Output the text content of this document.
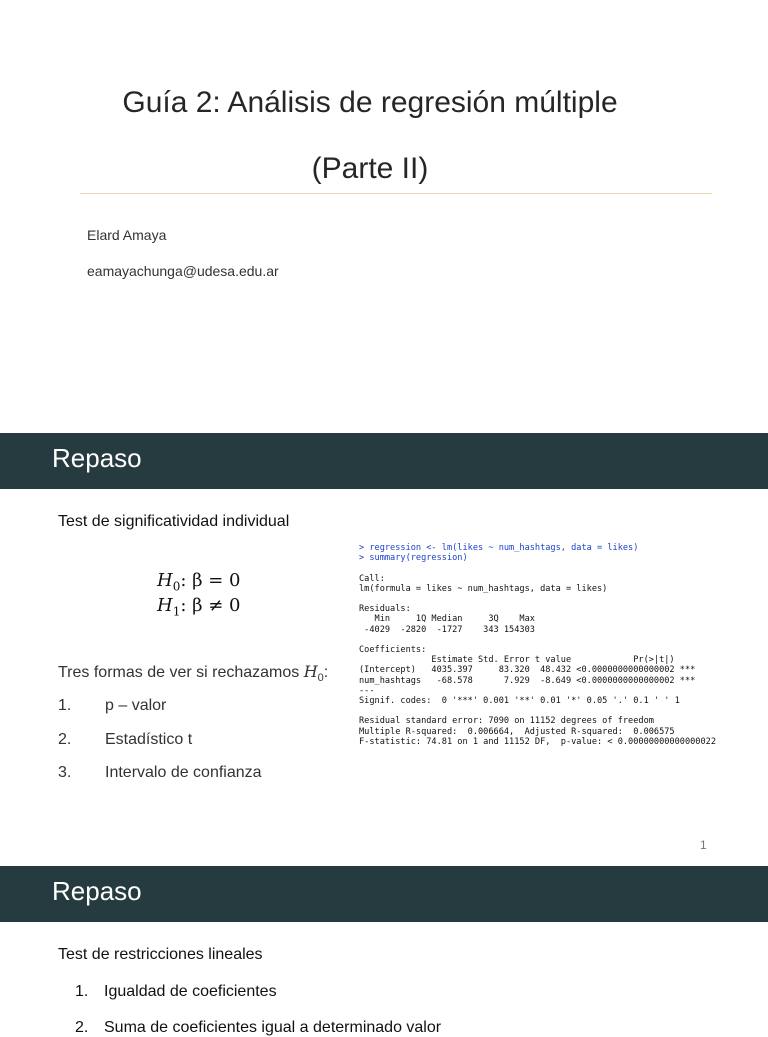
Guía 2: Análisis de regresión múltiple
(Parte II)
Elard Amaya
eamayachunga@udesa.edu.ar
Repaso
Test de significatividad individual
$H_0$: β = 0
$H_1$: β ≠ 0
Tres formas de ver si rechazamos $H_0$:
1. p – valor
2. Estadístico t
3. Intervalo de confianza
> regression <- lm(likes ~ num_hashtags, data = likes)
> summary(regression)

Call:
lm(formula = likes ~ num_hashtags, data = likes)

Residuals:
Min     1Q Median     3Q    Max
-4029  -2820  -1727    343 154303

Coefficients:
Estimate Std. Error t value            Pr(>|t|)
(Intercept)   4035.397     83.320  48.432 <0.0000000000000002 ***
num_hashtags   -68.578      7.929  -8.649 <0.0000000000000002 ***
---
Signif. codes:  0 '***' 0.001 '**' 0.01 '*' 0.05 '.' 0.1 ' ' 1

Residual standard error: 7090 on 11152 degrees of freedom
Multiple R-squared:  0.006664,  Adjusted R-squared:  0.006575
F-statistic: 74.81 on 1 and 11152 DF,  p-value: < 0.00000000000000022
1
Repaso
Test de restricciones lineales
1. Igualdad de coeficientes
2. Suma de coeficientes igual a determinado valor
